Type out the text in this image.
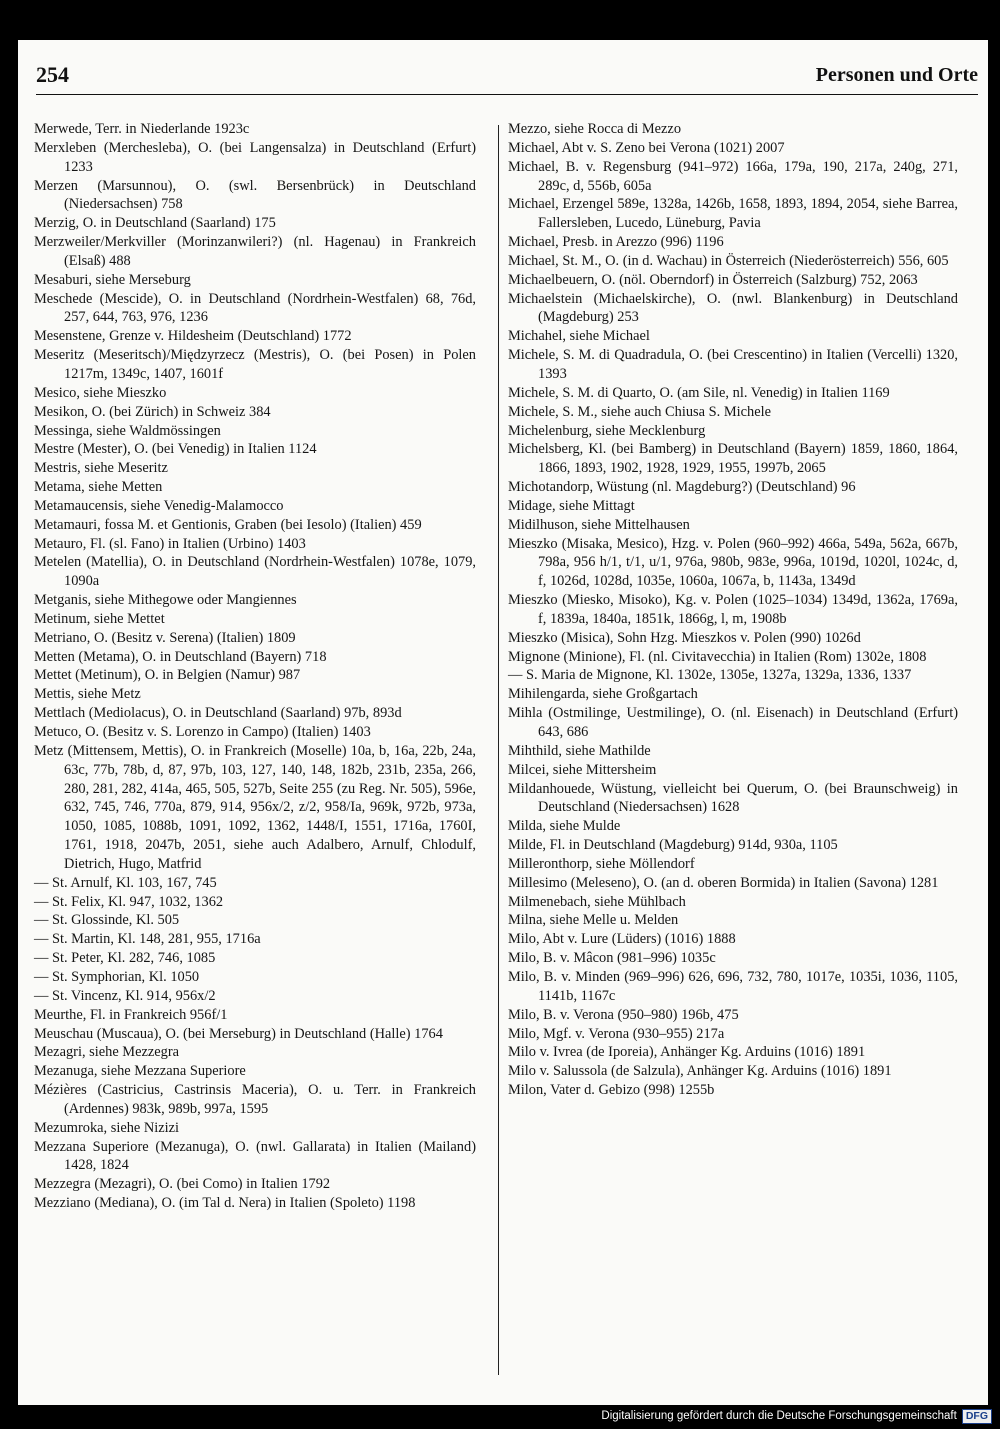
254	Personen und Orte

Merwede, Terr. in Niederlande 1923c

Merxleben (Merchesleba), O. (bei Langensalza) in Deutschland (Erfurt) 1233

Merzen (Marsunnou), O. (swl. Bersenbrück) in Deutschland (Niedersachsen) 758

Merzig, O. in Deutschland (Saarland) 175

Merzweiler/Merkviller (Morinzanwileri?) (nl. Hagenau) in Frankreich (Elsaß) 488

Mesaburi, siehe Merseburg

Meschede (Mescide), O. in Deutschland (Nordrhein-Westfalen) 68, 76d, 257, 644, 763, 976, 1236

Mesenstene, Grenze v. Hildesheim (Deutschland) 1772

Meseritz (Meseritsch)/Międzyrzecz (Mestris), O. (bei Posen) in Polen 1217m, 1349c, 1407, 1601f

Mesico, siehe Mieszko

Mesikon, O. (bei Zürich) in Schweiz 384

Messinga, siehe Waldmössingen

Mestre (Mester), O. (bei Venedig) in Italien 1124

Mestris, siehe Meseritz

Metama, siehe Metten

Metamaucensis, siehe Venedig-Malamocco

Metamauri, fossa M. et Gentionis, Graben (bei Iesolo) (Italien) 459

Metauro, Fl. (sl. Fano) in Italien (Urbino) 1403

Metelen (Matellia), O. in Deutschland (Nordrhein-Westfalen) 1078e, 1079, 1090a

Metganis, siehe Mithegowe oder Mangiennes

Metinum, siehe Mettet

Metriano, O. (Besitz v. Serena) (Italien) 1809

Metten (Metama), O. in Deutschland (Bayern) 718

Mettet (Metinum), O. in Belgien (Namur) 987

Mettis, siehe Metz

Mettlach (Mediolacus), O. in Deutschland (Saarland) 97b, 893d

Metuco, O. (Besitz v. S. Lorenzo in Campo) (Italien) 1403

Metz (Mittensem, Mettis), O. in Frankreich (Moselle) 10a, b, 16a, 22b, 24a, 63c, 77b, 78b, d, 87, 97b, 103, 127, 140, 148, 182b, 231b, 235a, 266, 280, 281, 282, 414a, 465, 505, 527b, Seite 255 (zu Reg. Nr. 505), 596e, 632, 745, 746, 770a, 879, 914, 956x/2, z/2, 958/Ia, 969k, 972b, 973a, 1050, 1085, 1088b, 1091, 1092, 1362, 1448/I, 1551, 1716a, 1760I, 1761, 1918, 2047b, 2051, siehe auch Adalbero, Arnulf, Chlodulf, Dietrich, Hugo, Matfrid

— St. Arnulf, Kl. 103, 167, 745

— St. Felix, Kl. 947, 1032, 1362

— St. Glossinde, Kl. 505

— St. Martin, Kl. 148, 281, 955, 1716a

— St. Peter, Kl. 282, 746, 1085

— St. Symphorian, Kl. 1050

— St. Vincenz, Kl. 914, 956x/2

Meurthe, Fl. in Frankreich 956f/1

Meuschau (Muscaua), O. (bei Merseburg) in Deutschland (Halle) 1764

Mezagri, siehe Mezzegra

Mezanuga, siehe Mezzana Superiore

Mézières (Castricius, Castrinsis Maceria), O. u. Terr. in Frankreich (Ardennes) 983k, 989b, 997a, 1595

Mezumroka, siehe Nizizi

Mezzana Superiore (Mezanuga), O. (nwl. Gallarata) in Italien (Mailand) 1428, 1824

Mezzegra (Mezagri), O. (bei Como) in Italien 1792

Mezziano (Mediana), O. (im Tal d. Nera) in Italien (Spoleto) 1198

Mezzo, siehe Rocca di Mezzo

Michael, Abt v. S. Zeno bei Verona (1021) 2007

Michael, B. v. Regensburg (941–972) 166a, 179a, 190, 217a, 240g, 271, 289c, d, 556b, 605a

Michael, Erzengel 589e, 1328a, 1426b, 1658, 1893, 1894, 2054, siehe Barrea, Fallersleben, Lucedo, Lüneburg, Pavia

Michael, Presb. in Arezzo (996) 1196

Michael, St. M., O. (in d. Wachau) in Österreich (Niederösterreich) 556, 605

Michaelbeuern, O. (nöl. Oberndorf) in Österreich (Salzburg) 752, 2063

Michaelstein (Michaelskirche), O. (nwl. Blankenburg) in Deutschland (Magdeburg) 253

Michahel, siehe Michael

Michele, S. M. di Quadradula, O. (bei Crescentino) in Italien (Vercelli) 1320, 1393

Michele, S. M. di Quarto, O. (am Sile, nl. Venedig) in Italien 1169

Michele, S. M., siehe auch Chiusa S. Michele

Michelenburg, siehe Mecklenburg

Michelsberg, Kl. (bei Bamberg) in Deutschland (Bayern) 1859, 1860, 1864, 1866, 1893, 1902, 1928, 1929, 1955, 1997b, 2065

Michotandorp, Wüstung (nl. Magdeburg?) (Deutschland) 96

Midage, siehe Mittagt

Midilhuson, siehe Mittelhausen

Mieszko (Misaka, Mesico), Hzg. v. Polen (960–992) 466a, 549a, 562a, 667b, 798a, 956 h/1, t/1, u/1, 976a, 980b, 983e, 996a, 1019d, 1020l, 1024c, d, f, 1026d, 1028d, 1035e, 1060a, 1067a, b, 1143a, 1349d

Mieszko (Miesko, Misoko), Kg. v. Polen (1025–1034) 1349d, 1362a, 1769a, f, 1839a, 1840a, 1851k, 1866g, l, m, 1908b

Mieszko (Misica), Sohn Hzg. Mieszkos v. Polen (990) 1026d

Mignone (Minione), Fl. (nl. Civitavecchia) in Italien (Rom) 1302e, 1808

— S. Maria de Mignone, Kl. 1302e, 1305e, 1327a, 1329a, 1336, 1337

Mihilengarda, siehe Großgartach

Mihla (Ostmilinge, Uestmilinge), O. (nl. Eisenach) in Deutschland (Erfurt) 643, 686

Mihthild, siehe Mathilde

Milcei, siehe Mittersheim

Mildanhouede, Wüstung, vielleicht bei Querum, O. (bei Braunschweig) in Deutschland (Niedersachsen) 1628

Milda, siehe Mulde

Milde, Fl. in Deutschland (Magdeburg) 914d, 930a, 1105

Milleronthorp, siehe Möllendorf

Millesimo (Meleseno), O. (an d. oberen Bormida) in Italien (Savona) 1281

Milmenebach, siehe Mühlbach

Milna, siehe Melle u. Melden

Milo, Abt v. Lure (Lüders) (1016) 1888

Milo, B. v. Mâcon (981–996) 1035c

Milo, B. v. Minden (969–996) 626, 696, 732, 780, 1017e, 1035i, 1036, 1105, 1141b, 1167c

Milo, B. v. Verona (950–980) 196b, 475

Milo, Mgf. v. Verona (930–955) 217a

Milo v. Ivrea (de Iporeia), Anhänger Kg. Arduins (1016) 1891

Milo v. Salussola (de Salzula), Anhänger Kg. Arduins (1016) 1891

Milon, Vater d. Gebizo (998) 1255b

Digitalisierung gefördert durch die Deutsche Forschungsgemeinschaft DFG
